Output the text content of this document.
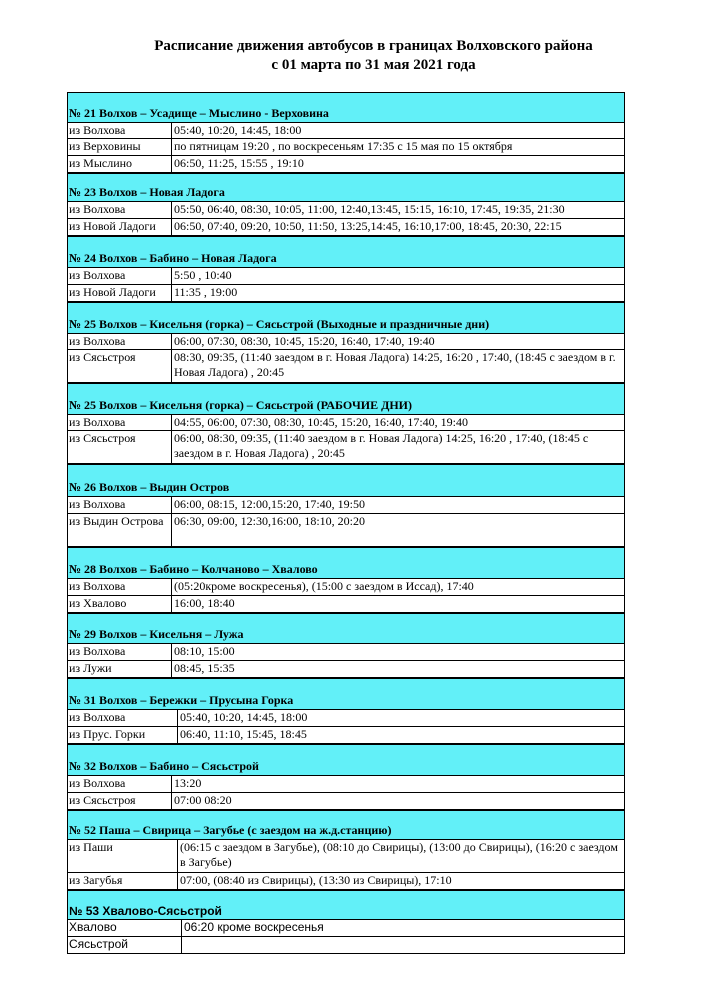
Расписание движения автобусов в границах Волховского района
с 01 марта по 31 мая 2021 года
№ 21 Волхов – Усадище – Мыслино - Верховина
из Волхова	05:40, 10:20, 14:45, 18:00
из Верховины	по пятницам 19:20 , по воскресеньям 17:35 с 15 мая по 15 октября
из Мыслино	06:50, 11:25, 15:55 , 19:10
№ 23 Волхов – Новая Ладога
из Волхова	05:50, 06:40, 08:30, 10:05, 11:00, 12:40,13:45, 15:15, 16:10, 17:45, 19:35, 21:30
из Новой Ладоги	06:50, 07:40, 09:20, 10:50, 11:50, 13:25,14:45, 16:10,17:00, 18:45, 20:30, 22:15
№ 24 Волхов – Бабино – Новая Ладога
из Волхова	5:50 , 10:40
из Новой Ладоги	11:35 , 19:00
№ 25 Волхов – Кисельня (горка) – Сясьстрой (Выходные и праздничные дни)
из Волхова	06:00, 07:30, 08:30, 10:45, 15:20, 16:40, 17:40, 19:40
из Сясьстроя	08:30, 09:35, (11:40 заездом в г. Новая Ладога) 14:25, 16:20 , 17:40, (18:45 с заездом в г. Новая Ладога) , 20:45
№ 25 Волхов – Кисельня (горка) – Сясьстрой (РАБОЧИЕ ДНИ)
из Волхова	04:55, 06:00, 07:30, 08:30, 10:45, 15:20, 16:40, 17:40, 19:40
из Сясьстроя	06:00, 08:30, 09:35, (11:40 заездом в г. Новая Ладога) 14:25, 16:20 , 17:40, (18:45 с заездом в г. Новая Ладога) , 20:45
№ 26 Волхов – Выдин Остров
из Волхова	06:00, 08:15, 12:00,15:20, 17:40, 19:50
из Выдин Острова 06:30, 09:00, 12:30,16:00, 18:10, 20:20
№ 28 Волхов – Бабино – Колчаново – Хвалово
из Волхова	(05:20кроме воскресенья), (15:00 с заездом в Иссад), 17:40
из Хвалово	16:00, 18:40
№ 29 Волхов – Кисельня – Лужа
из Волхова	08:10, 15:00
из Лужи	08:45, 15:35
№ 31 Волхов – Бережки – Прусына Горка
из Волхова	05:40, 10:20, 14:45, 18:00
из Прус. Горки	06:40, 11:10, 15:45, 18:45
№ 32 Волхов – Бабино – Сясьстрой
из Волхова	13:20
из Сясьстроя	07:00 08:20
№ 52 Паша – Свирица – Загубье (с заездом на ж.д.станцию)
из Паши	(06:15 с заездом в Загубье), (08:10 до Свирицы), (13:00 до Свирицы), (16:20 с заездом в Загубье)
из Загубья	07:00, (08:40 из Свирицы), (13:30 из Свирицы), 17:10
№ 53 Хвалово-Сясьстрой
Хвалово	06:20 кроме воскресенья
Сясьстрой
